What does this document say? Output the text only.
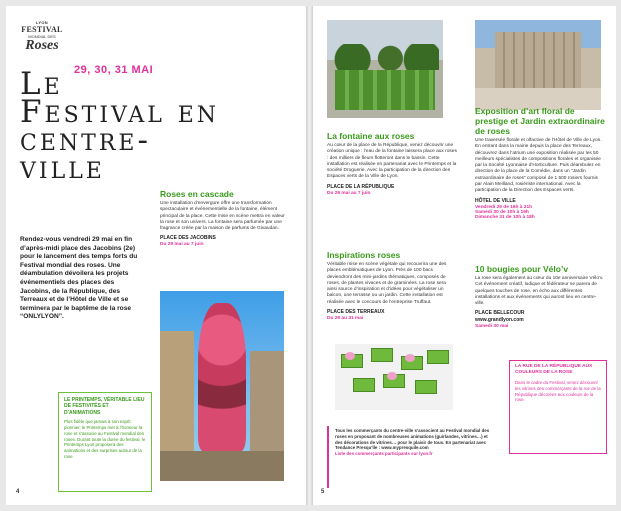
LYON
FESTIVAL
MONDIAL DES
Roses
29, 30, 31 MAI
Le Festival en centre-ville
Rendez-vous vendredi 29 mai en fin d’après-midi place des Jacobins (2e) pour le lancement des temps forts du Festival mondial des roses. Une déambulation dévoilera les projets événementiels des places des Jacobins, de la République, des Terreaux et de l’Hôtel de Ville et se terminera par le baptême de la rose “ONLYLYON”.
Roses en cascade
Une installation d’envergure offre une transformation spectaculaire et événementielle de la fontaine, élément principal de la place. Cette mise en scène mettra en valeur la rose et son univers. La fontaine sera parfumée par une fragrance créée par la maison de parfums de Givaudan.
PLACE DES JACOBINS
Du 29 mai au 7 juin
LE PRINTEMPS, VÉRITABLE LIEU DE FESTIVITÉS ET D’ANIMATIONS
Plus fidèle que jamais à son esprit pionnier, le Printemps met à l’honneur la rose et s’associe au Festival mondial des roses. Durant toute la durée du festival, le Printemps Lyon proposera des animations et des surprises autour de la rose.
4
La fontaine aux roses
Au cœur de la place de la République, venez découvrir une création unique : l’eau de la fontaine laissera place aux roses : des milliers de fleurs flotteront dans le bassin. Cette installation est réalisée en partenariat avec le Printemps et la société Droguerie. Avec la participation de la direction des Espaces verts de la Ville de Lyon.
PLACE DE LA RÉPUBLIQUE
Du 29 mai au 7 juin
Inspirations roses
Véritable mise en scène végétale qui recouvrira une des places emblématiques de Lyon. Près de 100 bacs deviendront des mini-jardins thématiques, composés de roses, de plantes vivaces et de graminées. La rose sera ainsi source d’inspiration et d’idées pour végétaliser un balcon, une terrasse ou un jardin. Cette installation est réalisée avec le concours de l’entreprise Truffaut.
PLACE DES TERREAUX
Du 29 au 31 mai
Exposition d’art floral de prestige et Jardin extraordinaire de roses
Une traversée florale et olfactive de l’Hôtel de Ville de Lyon. En entrant dans la mairie depuis la place des Terreaux, découvrez dans l’atrium une exposition réalisée par les 50 meilleurs spécialistes de compositions florales et organisée par la Société Lyonnaise d’Horticulture. Puis déambulez en direction de la place de la Comédie, dans un “Jardin extraordinaire de roses” composé de 1 500 rosiers fournis par Alain Meilland, rosiériste international. Avec la participation de la Direction des Espaces verts.
HÔTEL DE VILLE
Vendredi 29 de 16h à 21h
Samedi 30 de 10h à 19h
Dimanche 31 de 10h à 18h
10 bougies pour Vélo’v
La rose sera également au cœur du 10e anniversaire Vélo’v. Cet événement créatif, ludique et fédérateur se parera de quelques touches de rose, en écho aux différentes installations et aux événements qui auront lieu en centre-ville.
PLACE BELLECOUR
www.grandlyon.com
Samedi 30 mai
LA RUE DE LA RÉPUBLIQUE AUX COULEURS DE LA ROSE
Dans le cadre du Festival, venez découvrir les vitrines des commerçants de la rue de la République décorées aux couleurs de la rose.
Tous les commerçants du centre-ville s’associent au Festival mondial des roses en proposant de nombreuses animations (guirlandes, vitrines…) et des décorations de vitrines… pour le plaisir de tous. En partenariat avec Tendance Presqu’île : www.mypresquile.com
Liste des commerçants participants sur lyon.fr
5
